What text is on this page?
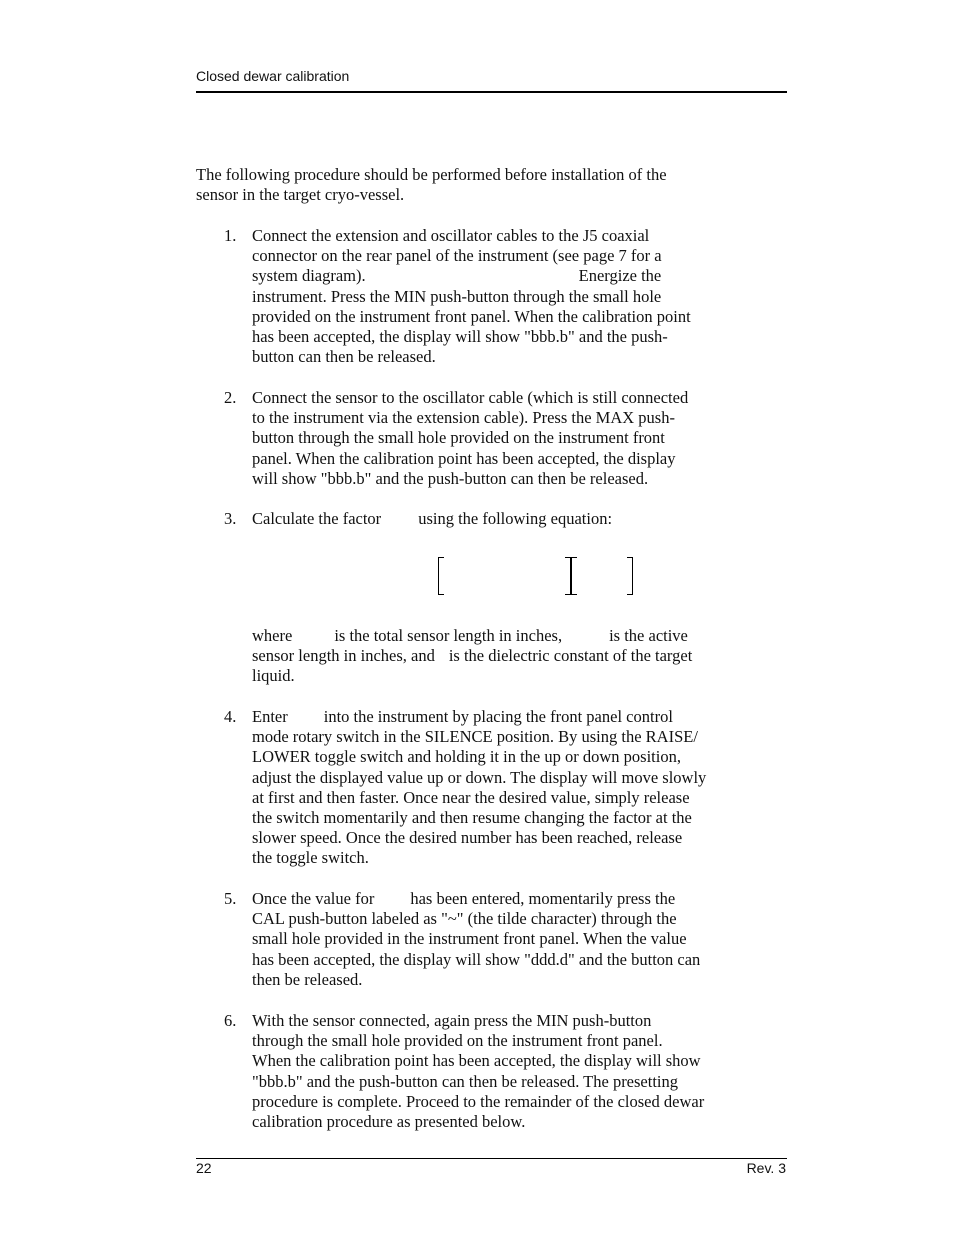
Closed dewar calibration
The following procedure should be performed before installation of the
sensor in the target cryo-vessel.
1. Connect the extension and oscillator cables to the J5 coaxial
connector on the rear panel of the instrument (see page 7 for a
system diagram).	Energize the
instrument. Press the MIN push-button through the small hole
provided on the instrument front panel. When the calibration point
has been accepted, the display will show "bbb.b" and the push-
button can then be released.
2. Connect the sensor to the oscillator cable (which is still connected
to the instrument via the extension cable). Press the MAX push-
button through the small hole provided on the instrument front
panel. When the calibration point has been accepted, the display
will show "bbb.b" and the push-button can then be released.
3. Calculate the factor using the following equation:
where	is the total sensor length in inches,	is the active
sensor length in inches, and is the dielectric constant of the target
liquid.
4. Enter into the instrument by placing the front panel control
mode rotary switch in the SILENCE position. By using the RAISE/
LOWER toggle switch and holding it in the up or down position,
adjust the displayed value up or down. The display will move slowly
at first and then faster. Once near the desired value, simply release
the switch momentarily and then resume changing the factor at the
slower speed. Once the desired number has been reached, release
the toggle switch.
5. Once the value for has been entered, momentarily press the
CAL push-button labeled as "~" (the tilde character) through the
small hole provided in the instrument front panel. When the value
has been accepted, the display will show "ddd.d" and the button can
then be released.
6. With the sensor connected, again press the MIN push-button
through the small hole provided on the instrument front panel.
When the calibration point has been accepted, the display will show
"bbb.b" and the push-button can then be released. The presetting
procedure is complete. Proceed to the remainder of the closed dewar
calibration procedure as presented below.
22	Rev. 3
